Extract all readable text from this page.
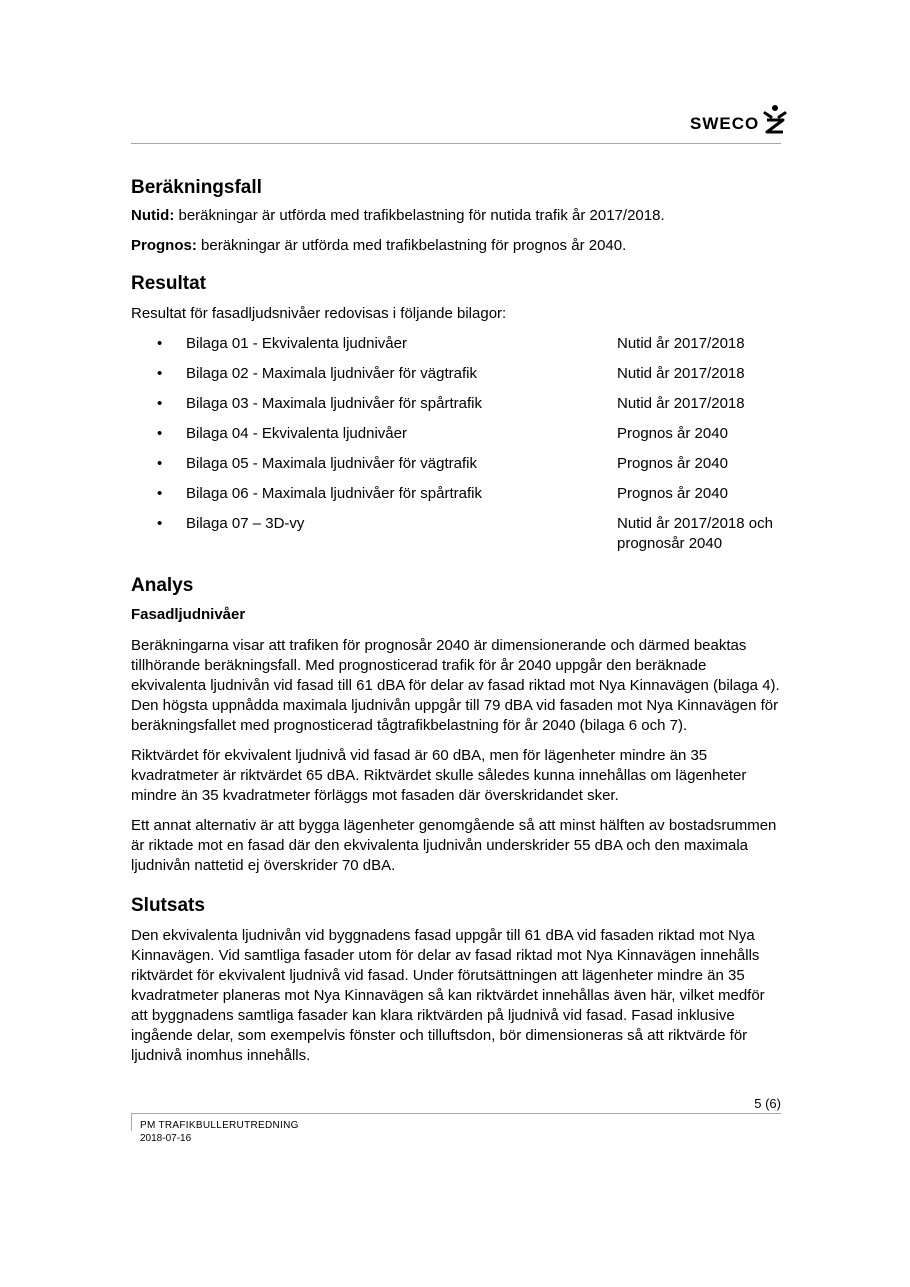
SWECO
Beräkningsfall

Nutid: beräkningar är utförda med trafikbelastning för nutida trafik år 2017/2018.

Prognos: beräkningar är utförda med trafikbelastning för prognos år 2040.

Resultat

Resultat för fasadljudsnivåer redovisas i följande bilagor:

• Bilaga 01 - Ekvivalenta ljudnivåer	Nutid år 2017/2018
• Bilaga 02 - Maximala ljudnivåer för vägtrafik	Nutid år 2017/2018
• Bilaga 03 - Maximala ljudnivåer för spårtrafik	Nutid år 2017/2018
• Bilaga 04 - Ekvivalenta ljudnivåer	Prognos år 2040
• Bilaga 05 - Maximala ljudnivåer för vägtrafik	Prognos år 2040
• Bilaga 06 - Maximala ljudnivåer för spårtrafik	Prognos år 2040
• Bilaga 07 – 3D-vy	Nutid år 2017/2018 och prognosår 2040
Analys
Fasadljudnivåer

Beräkningarna visar att trafiken för prognosår 2040 är dimensionerande och därmed beaktas tillhörande beräkningsfall. Med prognosticerad trafik för år 2040 uppgår den beräknade ekvivalenta ljudnivån vid fasad till 61 dBA för delar av fasad riktad mot Nya Kinnavägen (bilaga 4). Den högsta uppnådda maximala ljudnivån uppgår till 79 dBA vid fasaden mot Nya Kinnavägen för beräkningsfallet med prognosticerad tågtrafikbelastning för år 2040 (bilaga 6 och 7).

Riktvärdet för ekvivalent ljudnivå vid fasad är 60 dBA, men för lägenheter mindre än 35 kvadratmeter är riktvärdet 65 dBA. Riktvärdet skulle således kunna innehållas om lägenheter mindre än 35 kvadratmeter förläggs mot fasaden där överskridandet sker.

Ett annat alternativ är att bygga lägenheter genomgående så att minst hälften av bostadsrummen är riktade mot en fasad där den ekvivalenta ljudnivån underskrider 55 dBA och den maximala ljudnivån nattetid ej överskrider 70 dBA.

Slutsats

Den ekvivalenta ljudnivån vid byggnadens fasad uppgår till 61 dBA vid fasaden riktad mot Nya Kinnavägen. Vid samtliga fasader utom för delar av fasad riktad mot Nya Kinnavägen innehålls riktvärdet för ekvivalent ljudnivå vid fasad. Under förutsättningen att lägenheter mindre än 35 kvadratmeter planeras mot Nya Kinnavägen så kan riktvärdet innehållas även här, vilket medför att byggnadens samtliga fasader kan klara riktvärden på ljudnivå vid fasad. Fasad inklusive ingående delar, som exempelvis fönster och tilluftsdon, bör dimensioneras så att riktvärde för ljudnivå inomhus innehålls.

5 (6)
PM TRAFIKBULLERUTREDNING
2018-07-16
